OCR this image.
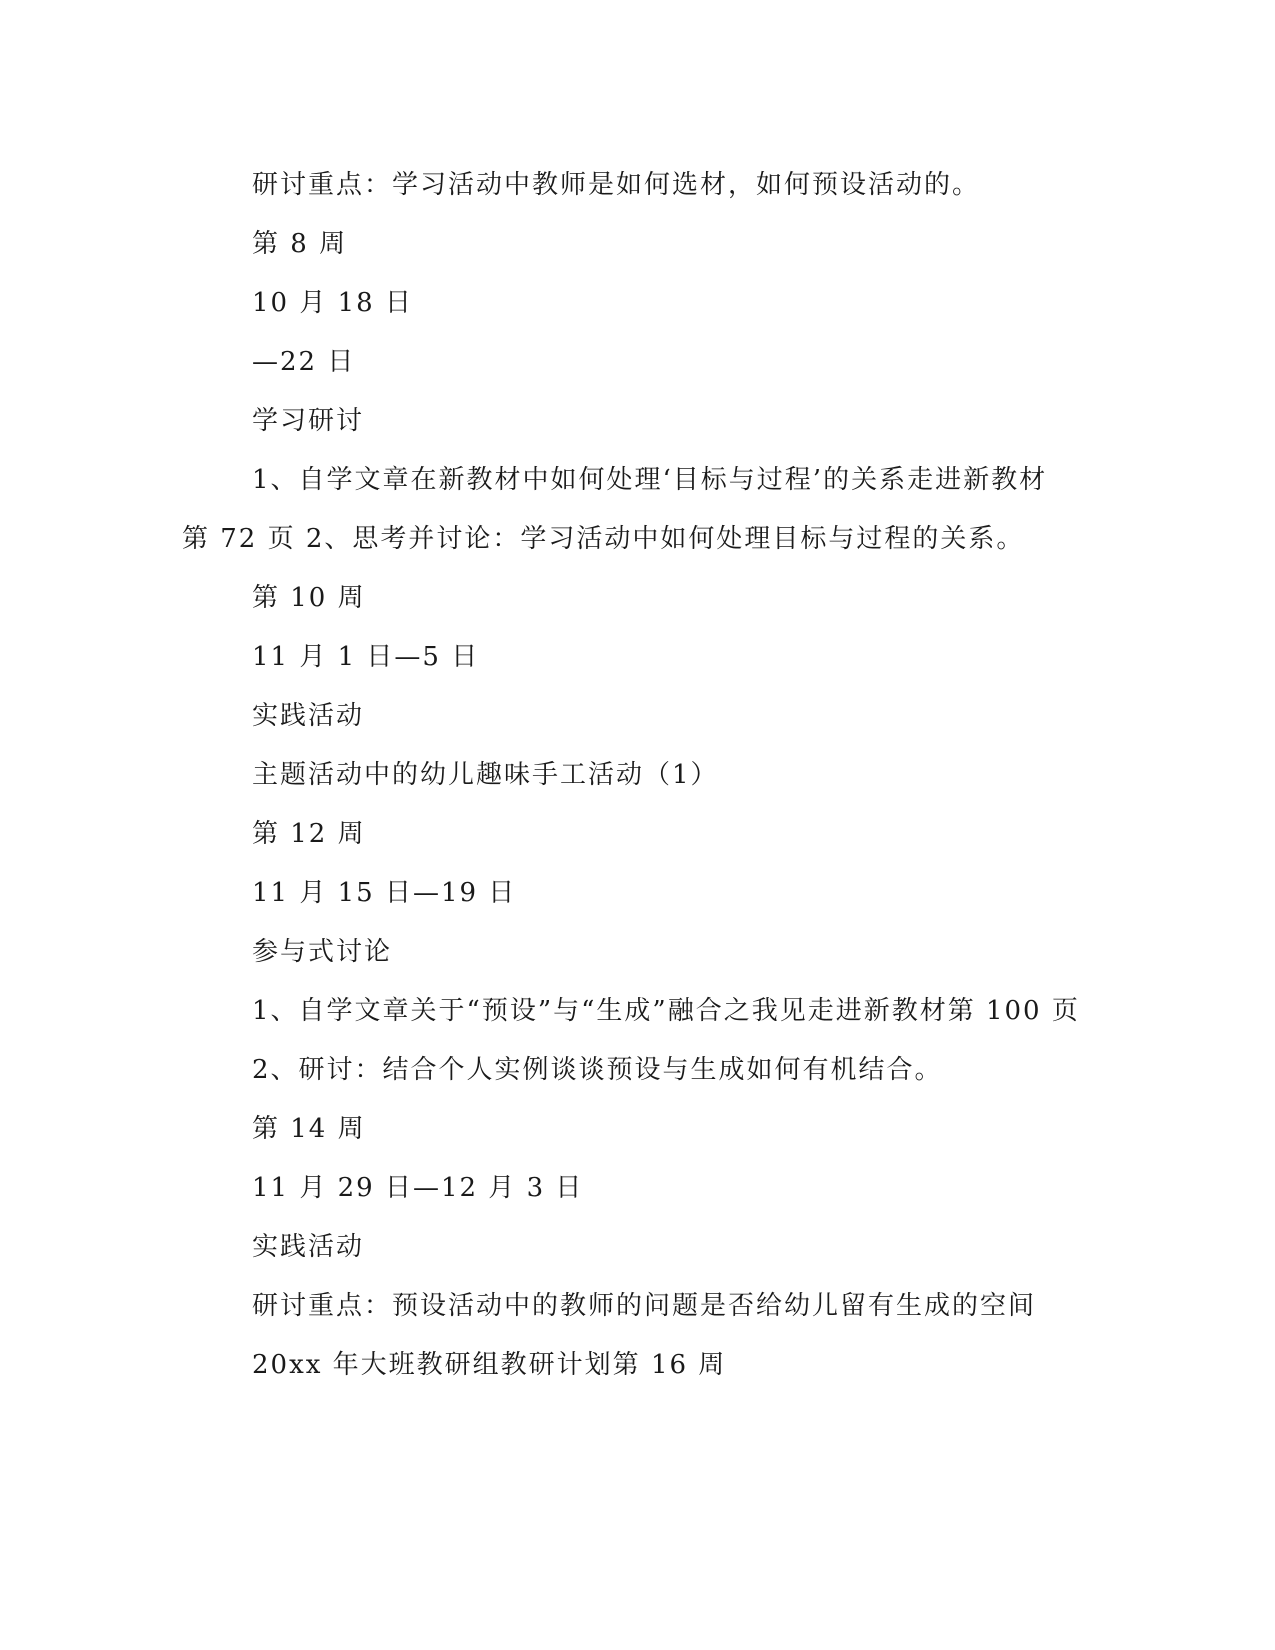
研讨重点：学习活动中教师是如何选材，如何预设活动的。

第 8 周

10 月 18 日

—22 日

学习研讨

1、自学文章在新教材中如何处理‘目标与过程’的关系走进新教材

第 72 页 2、思考并讨论：学习活动中如何处理目标与过程的关系。

第 10 周

11 月 1 日—5 日

实践活动

主题活动中的幼儿趣味手工活动（1）

第 12 周

11 月 15 日—19 日

参与式讨论

1、自学文章关于“预设”与“生成”融合之我见走进新教材第 100 页

2、研讨：结合个人实例谈谈预设与生成如何有机结合。

第 14 周

11 月 29 日—12 月 3 日

实践活动

研讨重点：预设活动中的教师的问题是否给幼儿留有生成的空间

20xx 年大班教研组教研计划第 16 周
